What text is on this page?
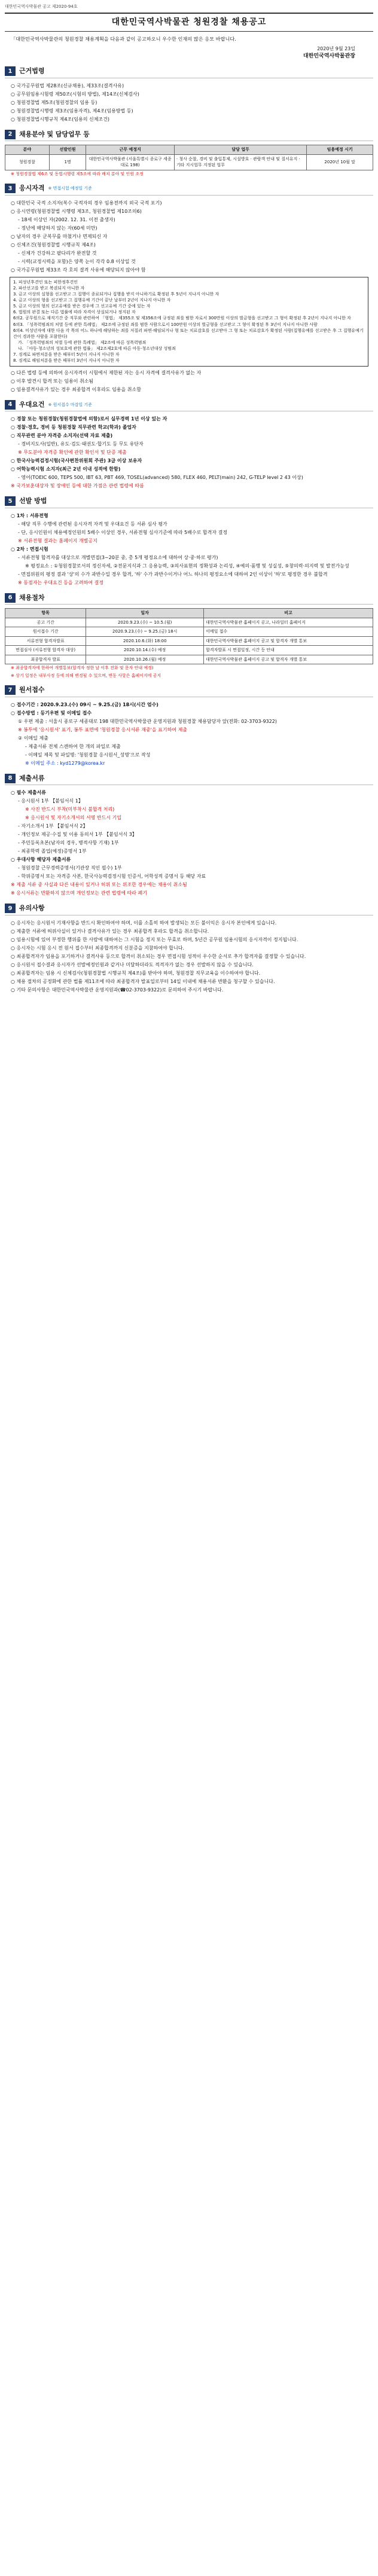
대한민국역사박물관 공고 제2020-94호
대한민국역사박물관 청원경찰 채용공고
「대한민국역사박물관의 청원경찰 채용계획을 다음과 같이 공고하오니 우수한 인재의 많은 응모 바랍니다.
2020년 9월 23일
대한민국역사박물관장
1	근거법령
○ 국가공무원법 제28조(신규채용), 제33조(결격사유)
○ 공무원임용시험령 제50조(시험의 방법), 제14조(신체검사)
○ 청원경찰법 제5조(청원경찰의 임용 등)
○ 청원경찰법시행령 제3조(임용자격), 제4조(임용방법 등)
○ 청원경찰법시행규칙 제4조(임용의 신체조건)
2	채용분야 및 담당업무 등
분야	선발인원	근무 예정지	담당 업무	임용예정 시기
청원경찰	1명	대한민국역사박물관 (서울특별시 종로구 세종대로 198)	· 청사 순찰, 경비 및 출입통제, 시설방호 · 관람객 안내 및 질서유지 · 기타 지시업무 지정된 업무	2020년 10월 말
※ 청원경찰법 제6조 및 동법시행령 제5조에 따라 배치 분야 및 인원 조정
3	응시자격 ※ 면접시험 예정일 기준
○ 대한민국 국적 소지자(복수 국적자의 경우 임용전까지 외국 국적 포기)
○ 응시연령(청원경찰법 시행령 제3조, 청원경찰법 제10조의6)
- 18세 이상인 자(2002. 12. 31. 이전 출생자)
- 정년에 해당하지 않는 자(60세 미만)
○ 남자의 경우 군복무를 마쳤거나 면제되신 자
○ 신체조건(청원경찰법 시행규칙 제4조)
- 신체가 건강하고 팔다리가 완전할 것
- 시력(교정시력을 포함)은 양쪽 눈이 각각 0.8 이상일 것
○ 국가공무원법 제33조 각 호의 결격 사유에 해당되지 않아야 함
1. 피성년후견인 또는 피한정후견인
2. 파산선고를 받고 복권되지 아니한 자
3. 금고 이상의 실형을 선고받고 그 집행이 종료되거나 집행을 받지 아니하기로 확정된 후 5년이 지나지 아니한 자
4. 금고 이상의 형을 선고받고 그 집행유예 기간이 끝난 날부터 2년이 지나지 아니한 자
5. 금고 이상의 형의 선고유예를 받은 경우에 그 선고유예 기간 중에 있는 자
6. 법원의 판결 또는 다른 법률에 따라 자격이 상실되거나 정지된 자
6의2. 공무원으로 재직기간 중 직무와 관련하여 「형법」 제355조 및 제356조에 규정된 죄를 범한 자로서 300만원 이상의 벌금형을 선고받고 그 형이 확정된 후 2년이 지나지 아니한 자
6의3. 「성폭력범죄의 처벌 등에 관한 특례법」 제2조에 규정된 죄를 범한 사람으로서 100만원 이상의 벌금형을 선고받고 그 형이 확정된 후 3년이 지나지 아니한 사람
6의4. 미성년자에 대한 다음 각 목의 어느 하나에 해당하는 죄를 저질러 파면·해임되거나 형 또는 치료감호를 선고받아 그 형 또는 치료감호가 확정된 사람(집행유예를 선고받은 후 그 집행유예기간이 경과한 사람을 포함한다)
가. 「성폭력범죄의 처벌 등에 관한 특례법」 제2조에 따른 성폭력범죄
나. 「아동·청소년의 성보호에 관한 법률」 제2조제2호에 따른 아동·청소년대상 성범죄
7. 징계로 파면처분을 받은 때부터 5년이 지나지 아니한 자
8. 징계로 해임처분을 받은 때부터 3년이 지나지 아니한 자
○ 다른 법령 등에 의하여 응시자격이 시험에서 제한된 자는 응시 자격에 결격사유가 없는 자
○ 이후 발견시 합격 또는 임용이 취소됨
○ 임용결격사유가 있는 경우 최종합격 이후라도 임용을 취소함
4	우대요건 ※ 원서접수 마감일 기준
○ 경찰 또는 청원경찰(청원경찰법에 의함)로서 실무경력 1년 이상 있는 자
○ 경찰·경호, 경비 등 청원경찰 직무관련 학교(학과) 졸업자
○ 직무관련 분야 자격증 소지자(선택 자료 제출)
- 경비지도사(일반), 유도·검도·태권도·합기도 등 무도 유단자
※ 무도분야 자격증 확인에 관한 확인서 및 단증 제출
○ 한국사능력검정시험(국사편찬위원회 주관) 3급 이상 보유자
○ 어학능력시험 소지자(최근 2년 이내 성적에 한함)
- 영어(TOEIC 600, TEPS 500, IBT 63, PBT 469, TOSEL(advanced) 580, FLEX 460, PELT(main) 242, G-TELP level 2 43 이상)
※ 국가보훈대상자 및 장애인 등에 대한 가점은 관련 법령에 따름
5	선발 방법
○ 1차 : 서류전형
- 해당 직무 수행에 관련된 응시자격 자격 및 우대요건 등 서류 심사 평가
- 단, 응시인원이 채용예정인원의 5배수 이상인 경우, 서류전형 심사기준에 따라 5배수로 합격자 결정
※ 서류전형 결과는 홈페이지 개별공지
○ 2차 : 면접시험
- 서류전형 합격자를 대상으로 개별면접(3~20분 중, 총 5개 평정요소에 대하여 상·중·하로 평가)
※ 평정요소 : ①청원경찰로서의 정신자세, ②전문지식과 그 응용능력, ③의사표현의 정확성과 논리성, ④예의·품행 및 성실성, ⑤창의력·의지력 및 발전가능성
- 면접위원의 평정 결과 '상'의 수가 과반수일 경우 합격, '하' 수가 과반수이거나 어느 하나의 평정요소에 대하여 2인 이상이 '하'로 평정한 경우 불합격
※ 동점자는 우대요건 등을 고려하여 결정
6	채용절차
항목	일자	비고
공고 기간	2020.9.23.(수) ~ 10.5.(월)	대한민국역사박물관 홈페이지 공고, 나라일터 홈페이지
원서접수 기간	2020.9.23.(수) ~ 9.25.(금) 18시	이메일 접수
서류전형 합격자발표	2020.10.6.(화) 18:00	대한민국역사박물관 홈페이지 공고 및 합격자 개별 통보
면접심사 (서류전형 합격자 대상)	2020.10.14.(수) 예정	합격자발표 시 면접일정, 시간 등 안내
최종합격자 발표	2020.10.26.(월) 예정	대한민국역사박물관 홈페이지 공고 및 합격자 개별 통보
※ 최종합격자에 한하여 개별통보(합격자 정한 날 이후 전화 및 문자 안내 예정)
※ 상기 일정은 내부사정 등에 의해 변경될 수 있으며, 변동 사항은 홈페이지에 공지
7	원서접수
○ 접수기간 : 2020.9.23.(수) 09시 ~ 9.25.(금) 18시(시간 엄수)
○ 접수방법 : 등기우편 및 이메일 접수
① 우편 제출 : 서울시 종로구 세종대로 198 대한민국역사박물관 운영지원과 청원경찰 채용담당자 앞(전화: 02-3703-9322)
※ 봉투에 '응시원서' 표기, 봉투 표면에 '청원경찰 응시서류 재중'을 표기하여 제출
② 이메일 제출
- 제출서류 전체 스캔하여 한 개의 파일로 제출
- 이메일 제목 및 파일명: '청원경찰 응시원서_성명'으로 작성
※ 이메일 주소 : kyd1279@korea.kr
8	제출서류
○ 필수 제출서류
- 응시원서 1부 【붙임서식 1】
※ 사진 반드시 부착(미부착시 불합격 처리)
※ 응시원서 및 자기소개서의 서명 반드시 기입
- 자기소개서 1부 【붙임서식 2】
- 개인정보 제공·수집 및 이용 동의서 1부 【붙임서식 3】
- 주민등록초본(남자의 경우, 병적사항 기재) 1부
- 최종학력 졸업(예정)증명서 1부
○ 우대사항 해당자 제출서류
- 청원경찰 근무경력증명서(기관장 직인 필수) 1부
- 학위증명서 또는 자격증 사본, 한국사능력검정시험 인증서, 어학성적 증명서 등 해당 자료
※ 제출 서류 중 사실과 다른 내용이 있거나 허위 또는 위조한 경우에는 채용이 취소됨
※ 응시서류는 반환하지 않으며 개인정보는 관련 법령에 따라 폐기
9	유의사항
○ 응시자는 응시원서 기재사항을 반드시 확인하여야 하며, 이를 소홀히 하여 발생되는 모든 불이익은 응시자 본인에게 있습니다.
○ 제출한 서류에 허위사실이 있거나 결격사유가 있는 경우 최종합격 후라도 합격을 취소합니다.
○ 임용시험에 있어 부정한 행위를 한 사람에 대하여는 그 시험을 정지 또는 무효로 하며, 5년간 공무원 임용시험의 응시자격이 정지됩니다.
○ 응시자는 시험 응시 전 원서 접수부터 최종합격까지 신분증을 지참하여야 합니다.
○ 최종합격자가 임용을 포기하거나 결격사유 등으로 합격이 취소되는 경우 면접시험 성적이 우수한 순서로 추가 합격자를 결정할 수 있습니다.
○ 응시원서 접수결과 응시자가 선발예정인원과 같거나 미달하더라도 적격자가 없는 경우 선발하지 않을 수 있습니다.
○ 최종합격자는 임용 시 신체검사(청원경찰법 시행규칙 제4조)를 받아야 하며, 청원경찰 직무교육을 이수하여야 합니다.
○ 채용 절차의 공정화에 관한 법률 제11조에 따라 최종합격자 발표일로부터 14일 이내에 채용서류 반환을 청구할 수 있습니다.
○ 기타 문의사항은 대한민국역사박물관 운영지원과(☎02-3703-9322)로 문의하여 주시기 바랍니다.
